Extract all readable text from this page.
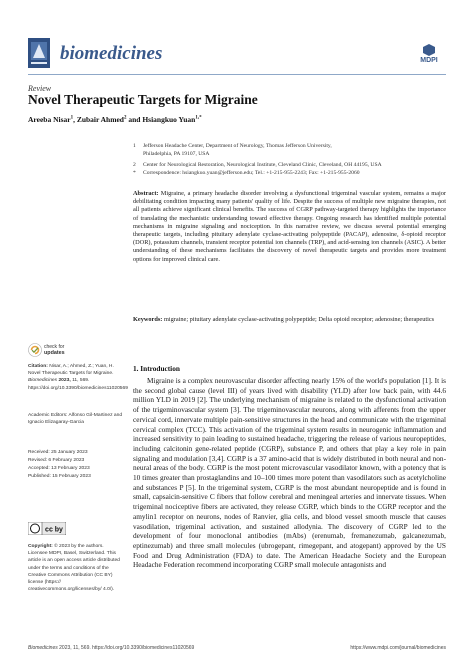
biomedicines	MDPI
Review
Novel Therapeutic Targets for Migraine
Areeba Nisar$^1$, Zubair Ahmed$^2$ and Hsiangkuo Yuan$^{1,*}$
1 Jefferson Headache Center, Department of Neurology, Thomas Jefferson University,
Philadelphia, PA 19107, USA
2 Center for Neurological Restoration, Neurological Institute, Cleveland Clinic, Cleveland, OH 44195, USA
* Correspondence: hsiangkuo.yuan@jefferson.edu; Tel.: +1-215-955-2243; Fax: +1-215-955-2060
Abstract: Migraine, a primary headache disorder involving a dysfunctional trigeminal vascular system, remains a major debilitating condition impacting many patients' quality of life. Despite the success of multiple new migraine therapies, not all patients achieve significant clinical benefits. The success of CGRP pathway-targeted therapy highlights the importance of translating the mechanistic understanding toward effective therapy. Ongoing research has identified multiple potential mechanisms in migraine signaling and nociception. In this narrative review, we discuss several potential emerging therapeutic targets, including pituitary adenylate cyclase-activating polypeptide (PACAP), adenosine, δ-opioid receptor (DOR), potassium channels, transient receptor potential ion channels (TRP), and acid-sensing ion channels (ASIC). A better understanding of these mechanisms facilitates the discovery of novel therapeutic targets and provides more treatment options for improved clinical care.
Keywords: migraine; pituitary adenylate cyclase-activating polypeptide; Delta opioid receptor; adenosine; therapeutics
check for
updates
Citation: Nisar, A.; Ahmed, Z.; Yuan, H. Novel Therapeutic Targets for Migraine. Biomedicines 2023, 11, 569. https://doi.org/10.3390/biomedicines11020569
Academic Editors: Alfonso Gil-Martinez and Ignacio Elizagaray-Garcia
Received: 25 January 2023
Revised: 6 February 2023
Accepted: 13 February 2023
Published: 15 February 2023
cc by
Copyright: © 2023 by the authors. Licensee MDPI, Basel, Switzerland. This article is an open access article distributed under the terms and conditions of the Creative Commons Attribution (CC BY) license (https:// creativecommons.org/licenses/by/ 4.0/).
1. Introduction
Migraine is a complex neurovascular disorder affecting nearly 15% of the world's population [1]. It is the second global cause (level III) of years lived with disability (YLD) after low back pain, with 44.6 million YLD in 2019 [2]. The underlying mechanism of migraine is related to the dysfunctional activation of the trigeminovascular system [3]. The trigeminovascular neurons, along with afferents from the upper cervical cord, innervate multiple pain-sensitive structures in the head and communicate with the trigeminal cervical complex (TCC). This activation of the trigeminal system results in neurogenic inflammation and increased sensitivity to pain leading to sustained headache, triggering the release of various neuropeptides, including calcitonin gene-related peptide (CGRP), substance P, and others that play a key role in pain signaling and modulation [3,4]. CGRP is a 37 amino-acid that is widely distributed in both neural and non-neural areas of the body. CGRP is the most potent microvascular vasodilator known, with a potency that is 10 times greater than prostaglandins and 10–100 times more potent than vasodilators such as acetylcholine and substances P [5]. In the trigeminal system, CGRP is the most abundant neuropeptide and is found in small, capsaicin-sensitive C fibers that follow cerebral and meningeal arteries and innervate tissues. When trigeminal nociceptive fibers are activated, they release CGRP, which binds to the CGRP receptor and the amylin1 receptor on neurons, nodes of Ranvier, glia cells, and blood vessel smooth muscle that causes vasodilation, trigeminal activation, and sustained allodynia. The discovery of CGRP led to the development of four monoclonal antibodies (mAbs) (erenumab, fremanezumab, galcanezumab, eptinezumab) and three small molecules (ubrogepant, rimegepant, and atogepant) approved by the US Food and Drug Administration (FDA) to date. The American Headache Society and the European Headache Federation recommend incorporating CGRP small molecule antagonists and
Biomedicines 2023, 11, 569. https://doi.org/10.3390/biomedicines11020569	https://www.mdpi.com/journal/biomedicines
